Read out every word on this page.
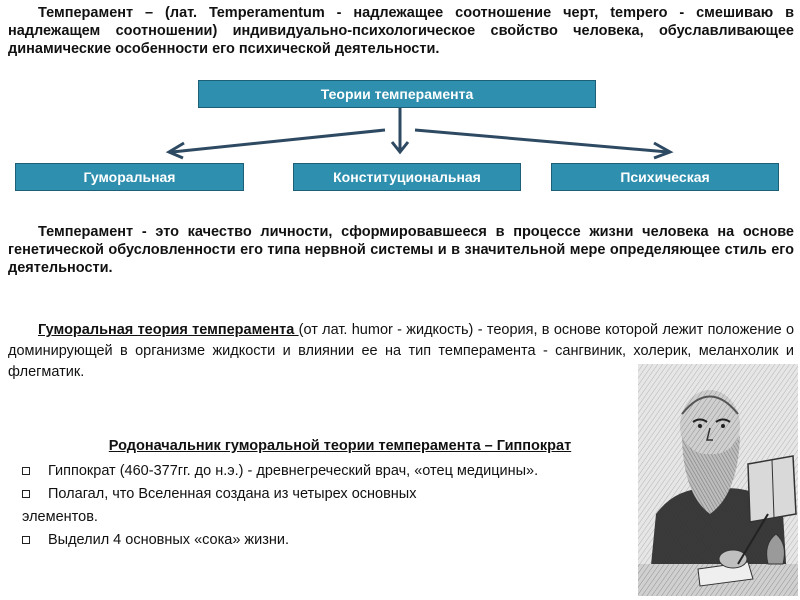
Темперамент – (лат. Temperamentum - надлежащее соотношение черт, tempero - смешиваю в надлежащем соотношении) индивидуально-психологическое свойство человека, обуславливающее динамические особенности его психической деятельности.
Теории темперамента
Гуморальная	Конституциональная	Психическая
Темперамент - это качество личности, сформировавшееся в процессе жизни человека на основе генетической обусловленности его типа нервной системы и в значительной мере определяющее стиль его деятельности.
Гуморальная теория темперамента (от лат. humor - жидкость) - теория, в основе которой лежит положение о доминирующей в организме жидкости и влиянии ее на тип темперамента - сангвиник, холерик, меланхолик и флегматик.
Родоначальник гуморальной теории темперамента – Гиппократ
Гиппократ (460-377гг. до н.э.) - древнегреческий врач, «отец медицины».
Полагал, что Вселенная создана из четырех основных
элементов.
Выделил 4 основных «сока» жизни.
